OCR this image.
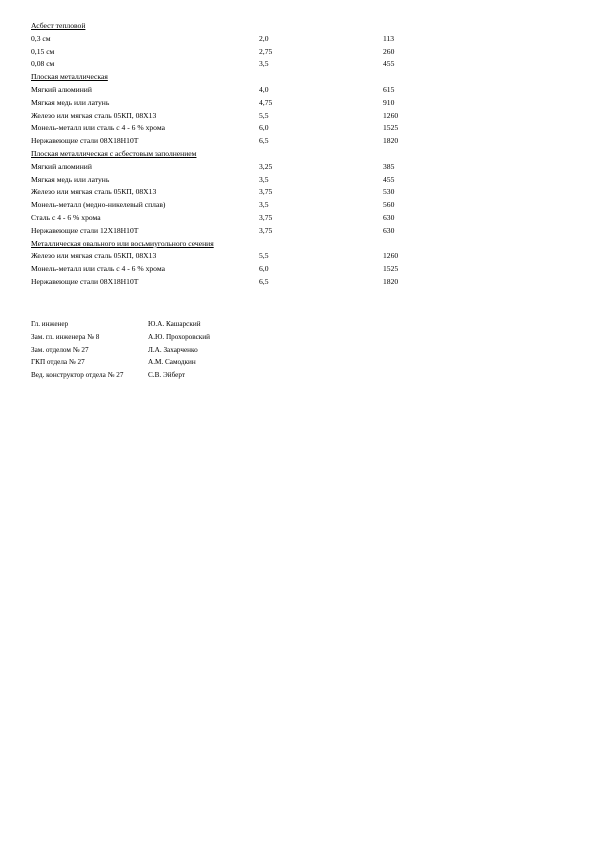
Асбест тепловой
0,3 см	2,0	113
0,15 см	2,75	260
0,08 см	3,5	455
Плоская металлическая
Мягкий алюминий	4,0	615
Мягкая медь или латунь	4,75	910
Железо или мягкая сталь 05КП, 08Х13	5,5	1260
Монель-металл или сталь с 4 - 6 % хрома	6,0	1525
Нержавеющие стали 08Х18Н10Т	6,5	1820
Плоская металлическая с асбестовым заполнением
Мягкий алюминий	3,25	385
Мягкая медь или латунь	3,5	455
Железо или мягкая сталь 05КП, 08Х13	3,75	530
Монель-металл (медно-никелевый сплав)	3,5	560
Сталь с 4 - 6 % хрома	3,75	630
Нержавеющие стали 12Х18Н10Т	3,75	630
Металлическая овального или восьмиугольного сечения
Железо или мягкая сталь 05КП, 08Х13	5,5	1260
Монель-металл или сталь с 4 - 6 % хрома	6,0	1525
Нержавеющие стали 08Х18Н10Т	6,5	1820
Гл. инженер	Ю.А. Кашарский
Зам. гл. инженера № 8	А.Ю. Прохоровский
Зам. отделом № 27	Л.А. Захарченко
ГКП отдела № 27	А.М. Самодкин
Вед. конструктор отдела № 27	С.В. Эйберт
